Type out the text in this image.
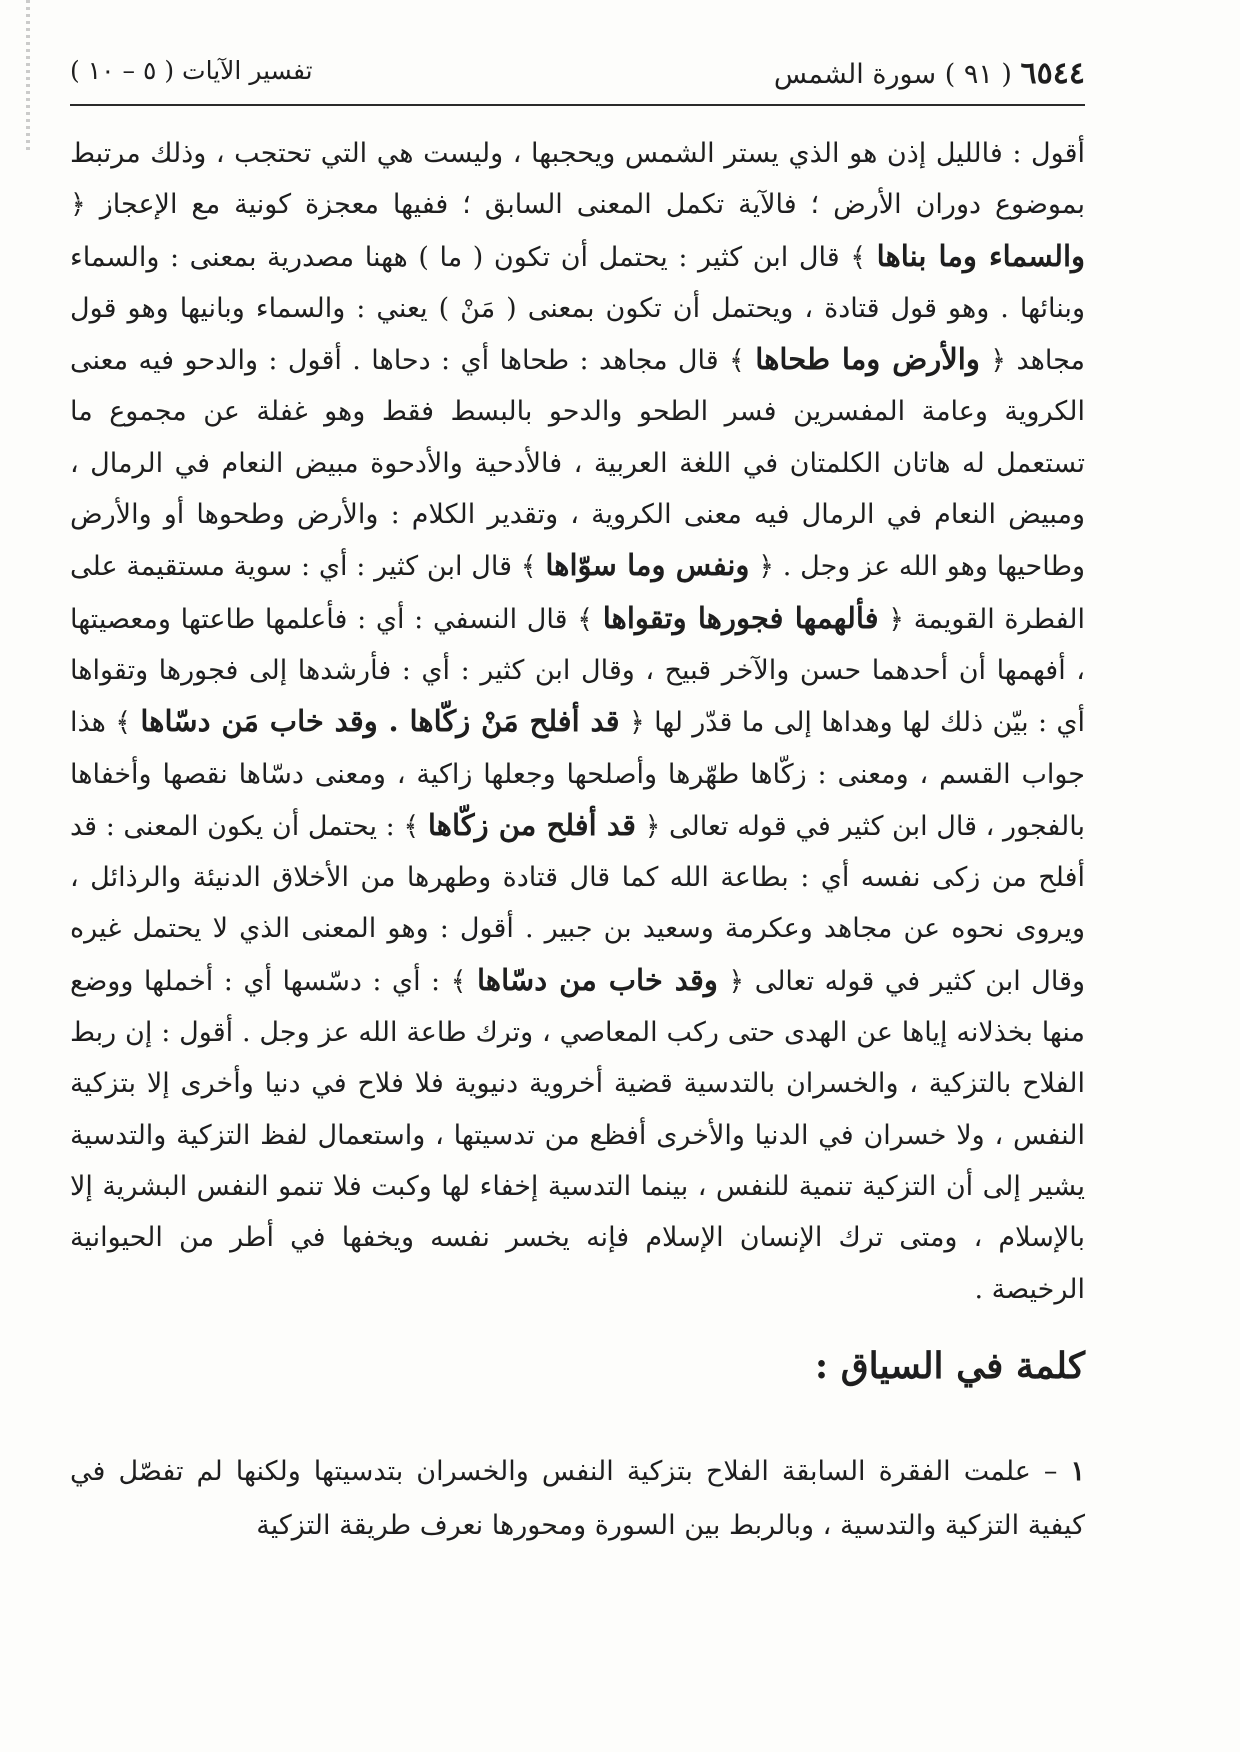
٦٥٤٤ ( ٩١ ) سورة الشمس
تفسير الآيات ( ٥ – ١٠ )

أقول : فالليل إذن هو الذي يستر الشمس ويحجبها ، وليست هي التي تحتجب ، وذلك مرتبط بموضوع دوران الأرض ؛ فالآية تكمل المعنى السابق ؛ ففيها معجزة كونية مع الإعجاز ﴿ والسماء وما بناها ﴾ قال ابن كثير : يحتمل أن تكون ( ما ) ههنا مصدرية بمعنى : والسماء وبنائها . وهو قول قتادة ، ويحتمل أن تكون بمعنى ( مَنْ ) يعني : والسماء وبانيها وهو قول مجاهد ﴿ والأرض وما طحاها ﴾ قال مجاهد : طحاها أي : دحاها . أقول : والدحو فيه معنى الكروية وعامة المفسرين فسر الطحو والدحو بالبسط فقط وهو غفلة عن مجموع ما تستعمل له هاتان الكلمتان في اللغة العربية ، فالأدحية والأدحوة مبيض النعام في الرمال ، ومبيض النعام في الرمال فيه معنى الكروية ، وتقدير الكلام : والأرض وطحوها أو والأرض وطاحيها وهو الله عز وجل . ﴿ ونفس وما سوّاها ﴾ قال ابن كثير : أي : سوية مستقيمة على الفطرة القويمة ﴿ فألهمها فجورها وتقواها ﴾ قال النسفي : أي : فأعلمها طاعتها ومعصيتها ، أفهمها أن أحدهما حسن والآخر قبيح ، وقال ابن كثير : أي : فأرشدها إلى فجورها وتقواها أي : بيّن ذلك لها وهداها إلى ما قدّر لها ﴿ قد أفلح مَنْ زكّاها . وقد خاب مَن دسّاها ﴾ هذا جواب القسم ، ومعنى : زكّاها طهّرها وأصلحها وجعلها زاكية ، ومعنى دسّاها نقصها وأخفاها بالفجور ، قال ابن كثير في قوله تعالى ﴿ قد أفلح من زكّاها ﴾ : يحتمل أن يكون المعنى : قد أفلح من زكى نفسه أي : بطاعة الله كما قال قتادة وطهرها من الأخلاق الدنيئة والرذائل ، ويروى نحوه عن مجاهد وعكرمة وسعيد بن جبير . أقول : وهو المعنى الذي لا يحتمل غيره وقال ابن كثير في قوله تعالى ﴿ وقد خاب من دسّاها ﴾ : أي : دسّسها أي : أخملها ووضع منها بخذلانه إياها عن الهدى حتى ركب المعاصي ، وترك طاعة الله عز وجل . أقول : إن ربط الفلاح بالتزكية ، والخسران بالتدسية قضية أخروية دنيوية فلا فلاح في دنيا وأخرى إلا بتزكية النفس ، ولا خسران في الدنيا والأخرى أفظع من تدسيتها ، واستعمال لفظ التزكية والتدسية يشير إلى أن التزكية تنمية للنفس ، بينما التدسية إخفاء لها وكبت فلا تنمو النفس البشرية إلا بالإسلام ، ومتى ترك الإنسان الإسلام فإنه يخسر نفسه ويخفها في أطر من الحيوانية الرخيصة .

كلمة في السياق :
١ – علمت الفقرة السابقة الفلاح بتزكية النفس والخسران بتدسيتها ولكنها لم تفصّل في كيفية التزكية والتدسية ، وبالربط بين السورة ومحورها نعرف طريقة التزكية
